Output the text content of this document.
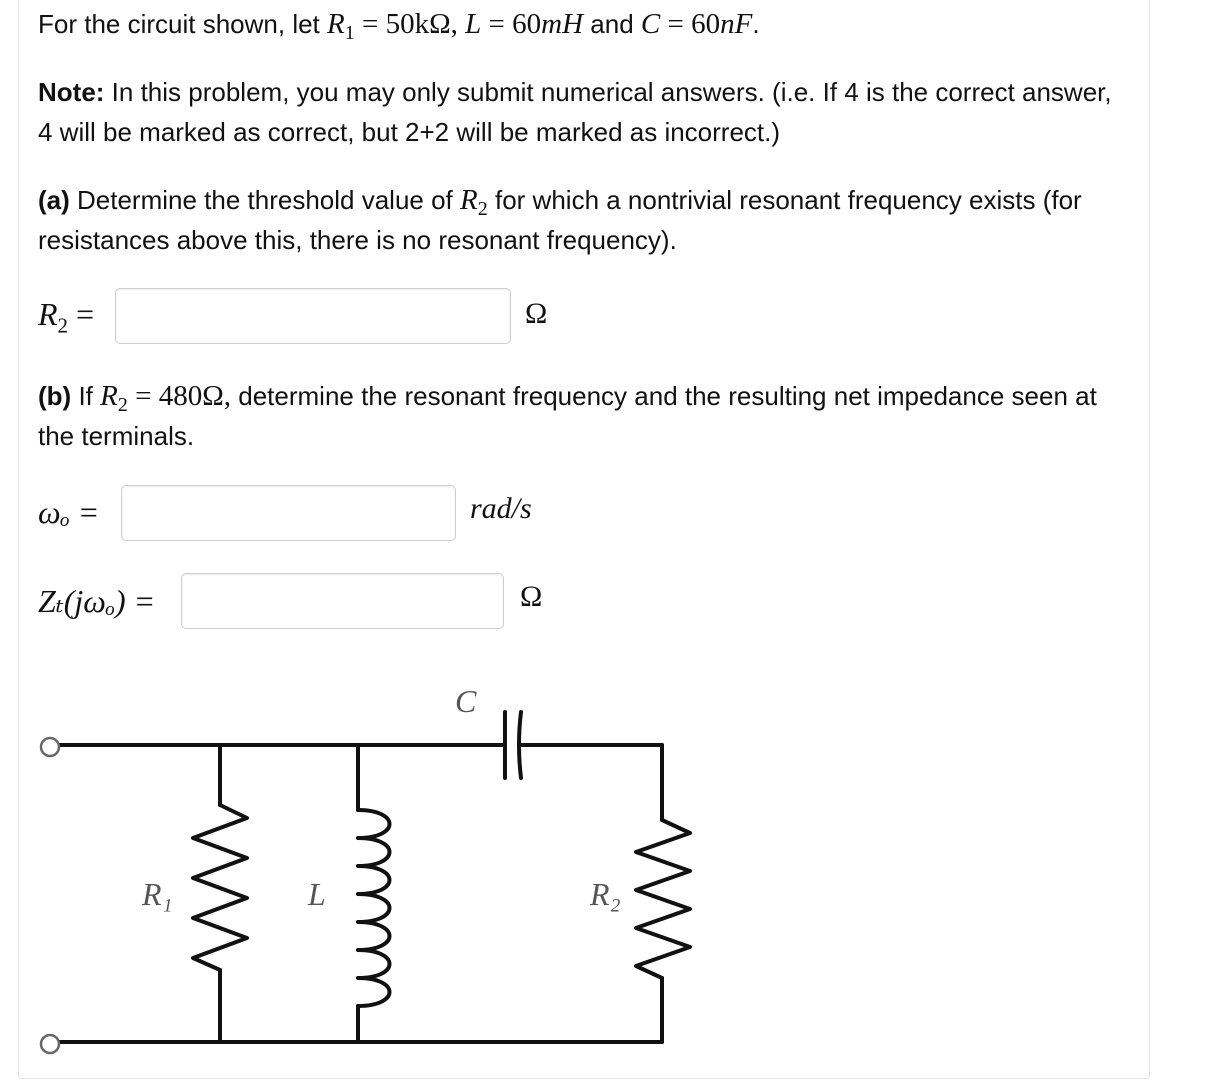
For the circuit shown, let $R_1 = 50k\Omega$, L = 60mH and C = 60nF.
Note: In this problem, you may only submit numerical answers. (i.e. If 4 is the correct answer, 4 will be marked as correct, but 2+2 will be marked as incorrect.)
(a) Determine the threshold value of $R_2$ for which a nontrivial resonant frequency exists (for resistances above this, there is no resonant frequency).
$R_2$ =	Ω
(b) If $R_2 = 480\Omega$, determine the resonant frequency and the resulting net impedance seen at the terminals.
ωₒ =	rad/s
Zₜ(jωₒ) =	Ω
C
R₁	L	R₂
